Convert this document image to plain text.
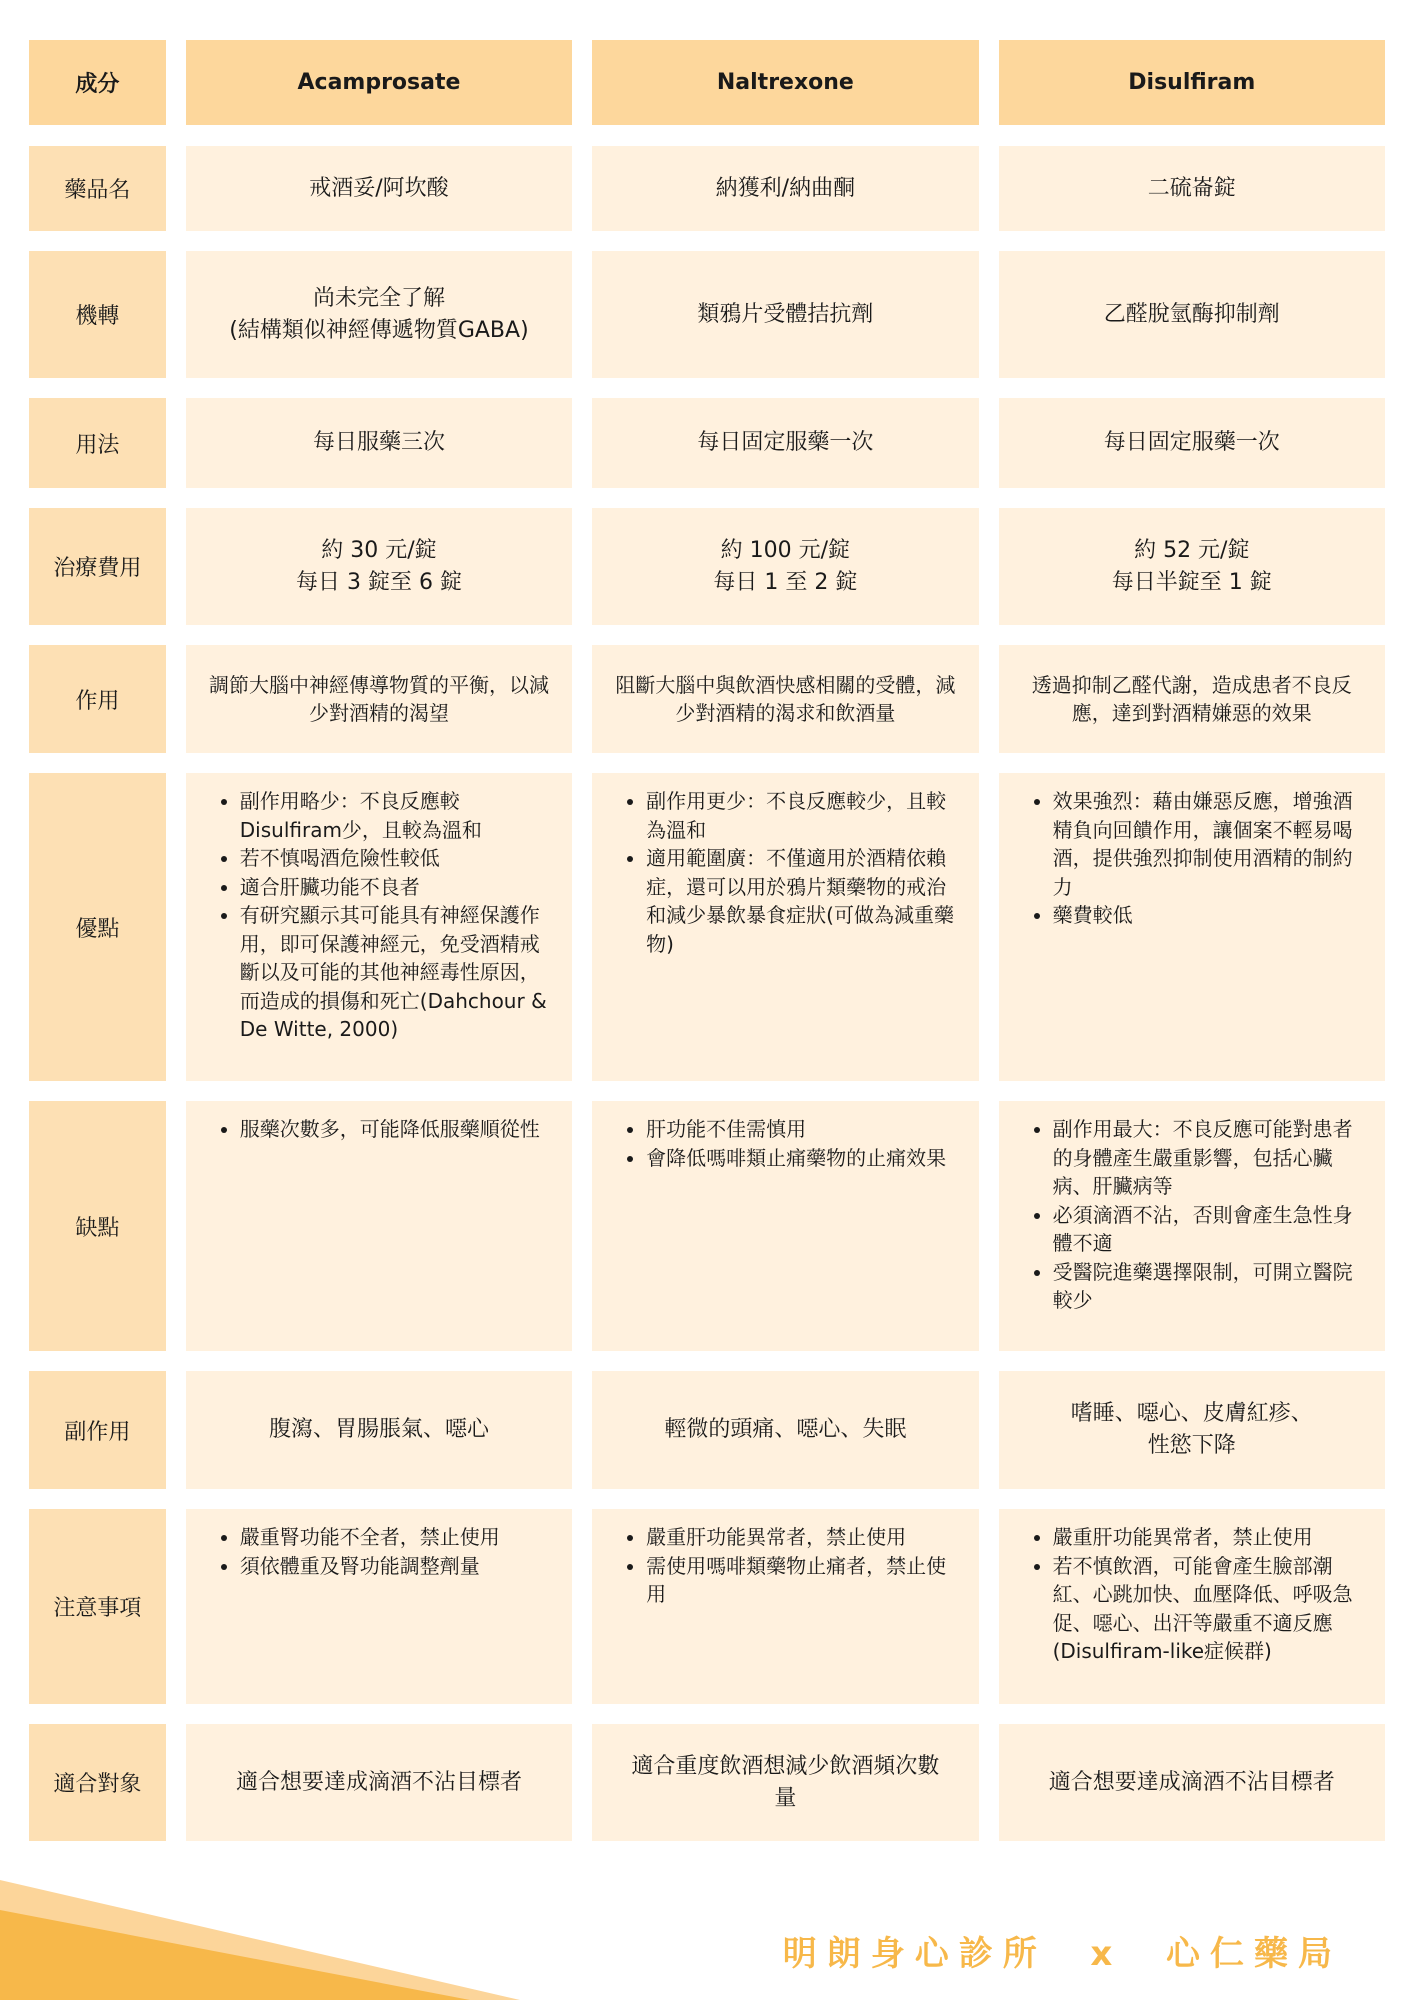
成分	Acamprosate	Naltrexone	Disulfiram
藥品名	戒酒妥/阿坎酸	納獲利/納曲酮	二硫崙錠
機轉
尚未完全了解
(結構類似神經傳遞物質GABA)
類鴉片受體拮抗劑	乙醛脫氫酶抑制劑
用法	每日服藥三次	每日固定服藥一次	每日固定服藥一次
治療費用
約 30 元/錠
每日 3 錠至 6 錠
約 100 元/錠
每日 1 至 2 錠
約 52 元/錠
每日半錠至 1 錠
作用
調節大腦中神經傳導物質的平衡，以減少對酒精的渴望
阻斷大腦中與飲酒快感相關的受體，減少對酒精的渴求和飲酒量
透過抑制乙醛代謝，造成患者不良反應，達到對酒精嫌惡的效果
優點
• 副作用略少：不良反應較Disulfiram少，且較為溫和
• 若不慎喝酒危險性較低
• 適合肝臟功能不良者
• 有研究顯示其可能具有神經保護作用，即可保護神經元，免受酒精戒斷以及可能的其他神經毒性原因，而造成的損傷和死亡(Dahchour & De Witte, 2000)
• 副作用更少：不良反應較少，且較為溫和
• 適用範圍廣：不僅適用於酒精依賴症，還可以用於鴉片類藥物的戒治和減少暴飲暴食症狀(可做為減重藥物)
• 效果強烈：藉由嫌惡反應，增強酒精負向回饋作用，讓個案不輕易喝酒，提供強烈抑制使用酒精的制約力
• 藥費較低
缺點
• 服藥次數多，可能降低服藥順從性
•	肝功能不佳需慎用
• 會降低嗎啡類止痛藥物的止痛效果
• 副作用最大：不良反應可能對患者的身體產生嚴重影響，包括心臟病、肝臟病等
• 必須滴酒不沾，否則會產生急性身體不適
• 受醫院進藥選擇限制，可開立醫院較少
副作用	腹瀉、胃腸脹氣、噁心	輕微的頭痛、噁心、失眠
嗜睡、噁心、皮膚紅疹、
性慾下降
注意事項
• 嚴重腎功能不全者，禁止使用
• 須依體重及腎功能調整劑量
• 嚴重肝功能異常者，禁止使用
• 需使用嗎啡類藥物止痛者，禁止使用
• 嚴重肝功能異常者，禁止使用
• 若不慎飲酒，可能會產生臉部潮紅、心跳加快、血壓降低、呼吸急促、噁心、出汗等嚴重不適反應(Disulfiram-like症候群)
適合對象	適合想要達成滴酒不沾目標者
適合重度飲酒想減少飲酒頻次數
量
適合想要達成滴酒不沾目標者
明朗身心診所  x  心仁藥局
